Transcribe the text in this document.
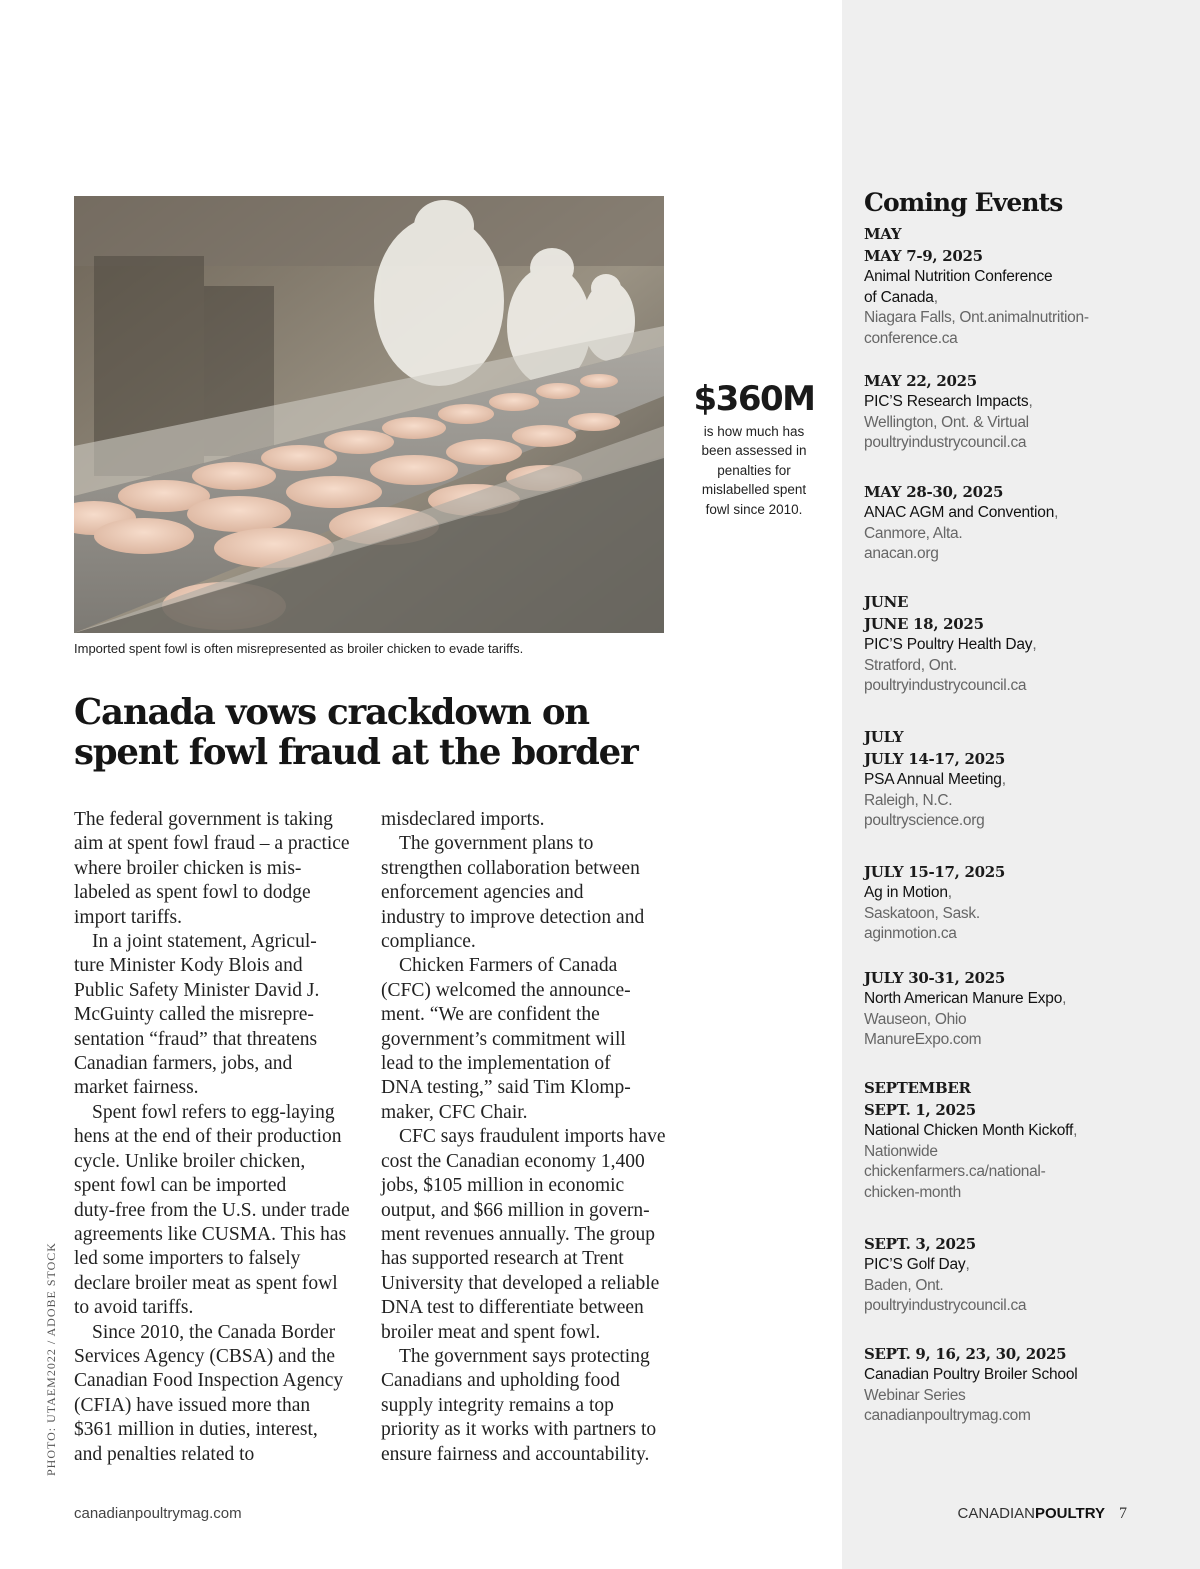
Imported spent fowl is often misrepresented as broiler chicken to evade tariffs.
Canada vows crackdown on
spent fowl fraud at the border
The federal government is taking
aim at spent fowl fraud – a practice
where broiler chicken is mis-
labeled as spent fowl to dodge
import tariffs.
In a joint statement, Agricul-
ture Minister Kody Blois and
Public Safety Minister David J.
McGuinty called the misrepre-
sentation “fraud” that threatens
Canadian farmers, jobs, and
market fairness.
Spent fowl refers to egg-laying
hens at the end of their production
cycle. Unlike broiler chicken,
spent fowl can be imported
duty-free from the U.S. under trade
agreements like CUSMA. This has
led some importers to falsely
declare broiler meat as spent fowl
to avoid tariffs.
Since 2010, the Canada Border
Services Agency (CBSA) and the
Canadian Food Inspection Agency
(CFIA) have issued more than
$361 million in duties, interest,
and penalties related to
misdeclared imports.
The government plans to
strengthen collaboration between
enforcement agencies and
industry to improve detection and
compliance.
Chicken Farmers of Canada
(CFC) welcomed the announce-
ment. “We are confident the
government’s commitment will
lead to the implementation of
DNA testing,” said Tim Klomp-
maker, CFC Chair.
CFC says fraudulent imports have
cost the Canadian economy 1,400
jobs, $105 million in economic
output, and $66 million in govern-
ment revenues annually. The group
has supported research at Trent
University that developed a reliable
DNA test to differentiate between
broiler meat and spent fowl.
The government says protecting
Canadians and upholding food
supply integrity remains a top
priority as it works with partners to
ensure fairness and accountability.
$360M
is how much has
been assessed in
penalties for
mislabelled spent
fowl since 2010.
Coming Events
MAY
MAY 7-9, 2025
Animal Nutrition Conference
of Canada,
Niagara Falls, Ont.animalnutrition-
conference.ca
MAY 22, 2025
PIC’S Research Impacts,
Wellington, Ont. & Virtual
poultryindustrycouncil.ca
MAY 28-30, 2025
ANAC AGM and Convention,
Canmore, Alta.
anacan.org
JUNE
JUNE 18, 2025
PIC’S Poultry Health Day,
Stratford, Ont.
poultryindustrycouncil.ca
JULY
JULY 14-17, 2025
PSA Annual Meeting,
Raleigh, N.C.
poultryscience.org
JULY 15-17, 2025
Ag in Motion,
Saskatoon, Sask.
aginmotion.ca
JULY 30-31, 2025
North American Manure Expo,
Wauseon, Ohio
ManureExpo.com
SEPTEMBER
SEPT. 1, 2025
National Chicken Month Kickoff,
Nationwide
chickenfarmers.ca/national-
chicken-month
SEPT. 3, 2025
PIC’S Golf Day,
Baden, Ont.
poultryindustrycouncil.ca
SEPT. 9, 16, 23, 30, 2025
Canadian Poultry Broiler School
Webinar Series
canadianpoultrymag.com
PHOTO: UTAEM2022 / ADOBE STOCK
canadianpoultrymag.com	CANADIANPOULTRY 7
